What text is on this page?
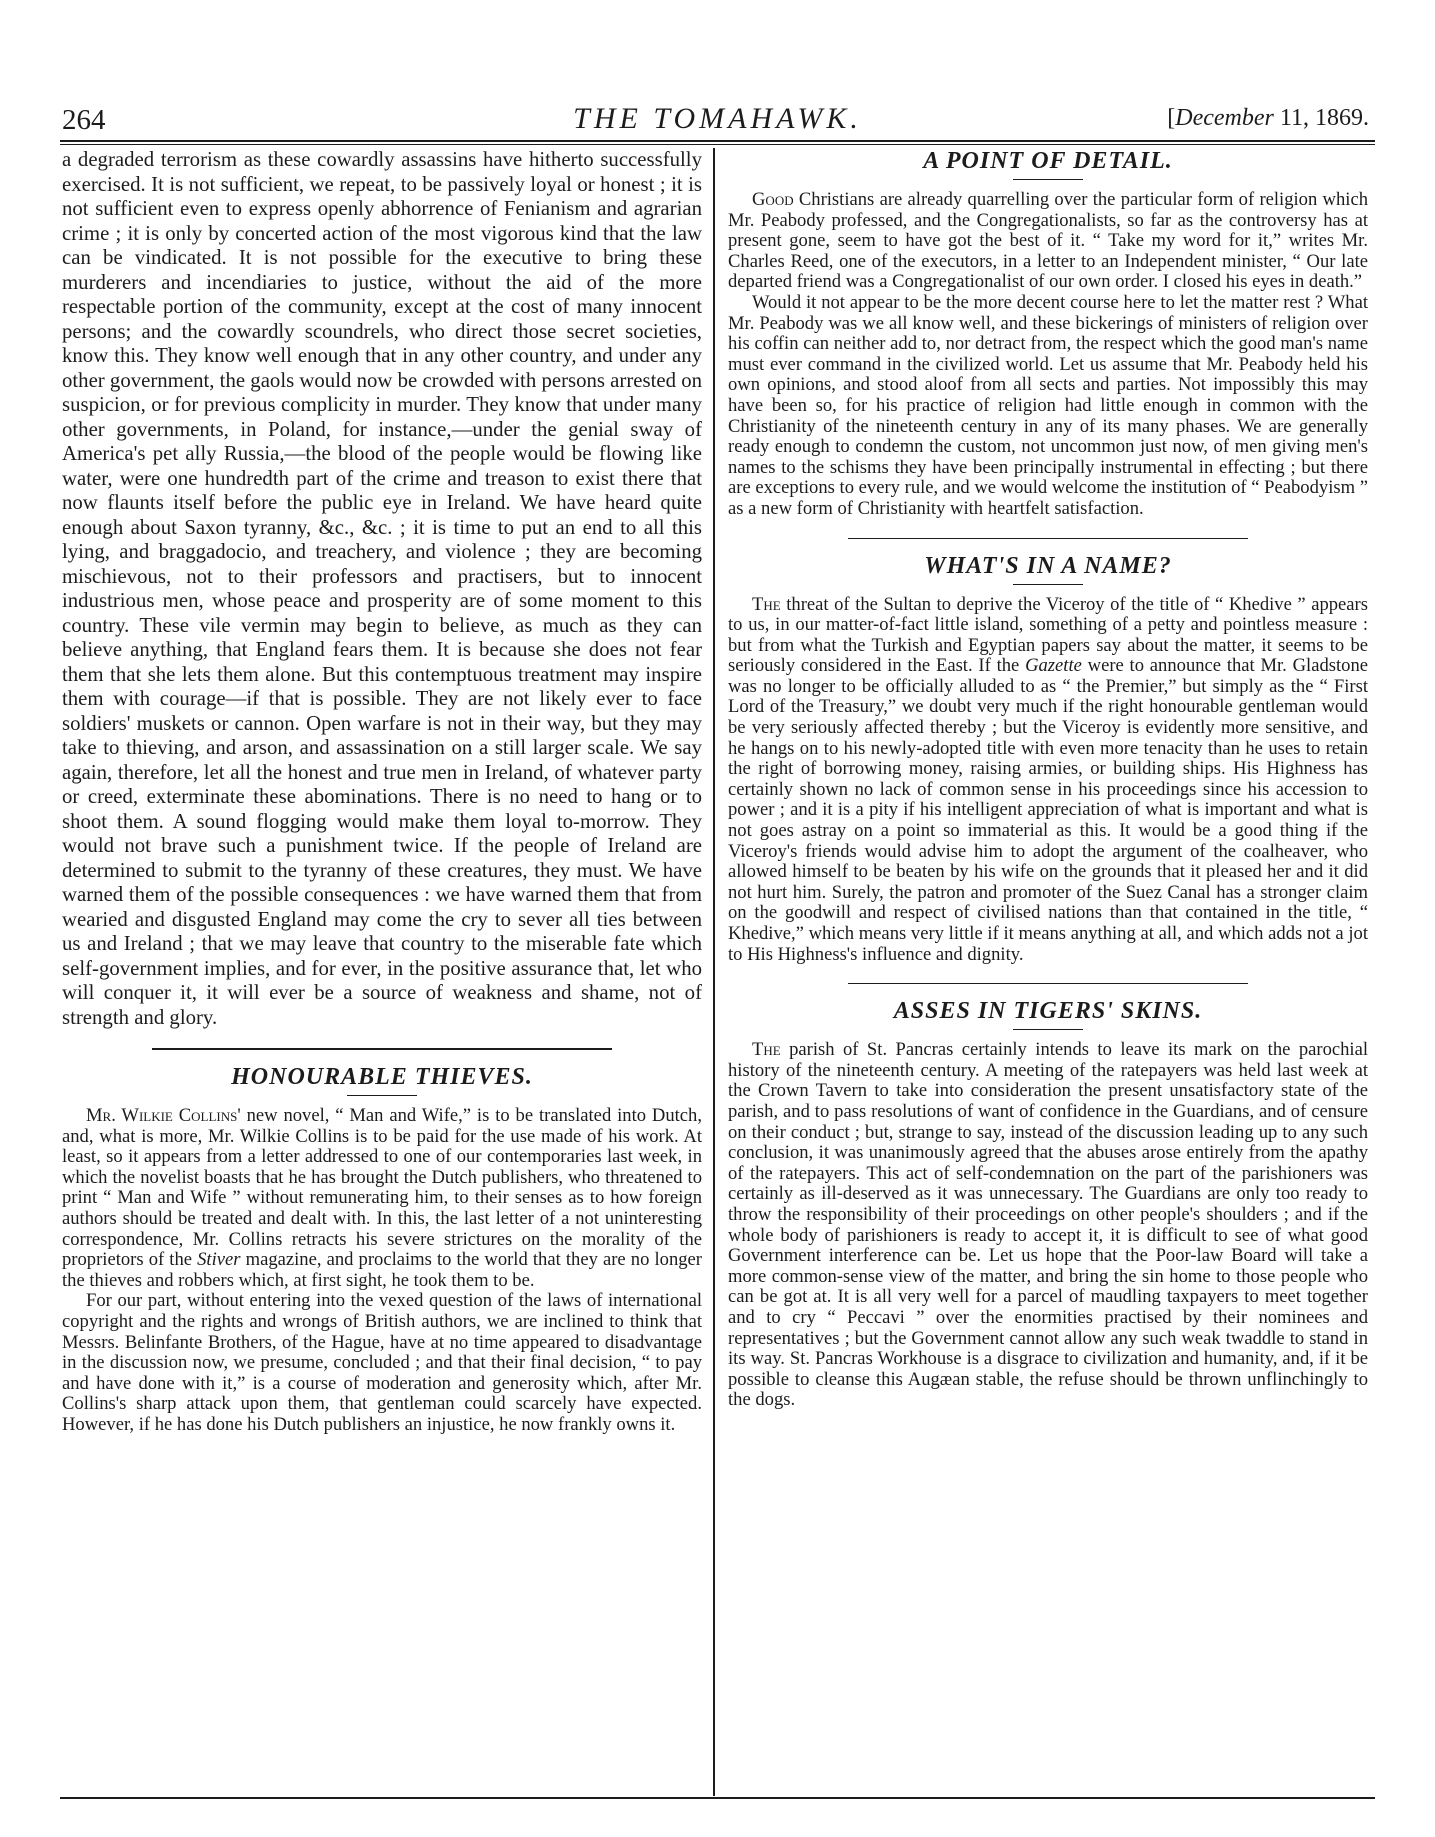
264	THE TOMAHAWK.	[December 11, 1869.

a degraded terrorism as these cowardly assassins have hitherto successfully exercised. It is not sufficient, we repeat, to be passively loyal or honest ; it is not sufficient even to express openly abhorrence of Fenianism and agrarian crime ; it is only by concerted action of the most vigorous kind that the law can be vindicated. It is not possible for the executive to bring these murderers and incendiaries to justice, without the aid of the more respectable portion of the community, except at the cost of many innocent persons; and the cowardly scoundrels, who direct those secret societies, know this. They know well enough that in any other country, and under any other government, the gaols would now be crowded with persons arrested on suspicion, or for previous complicity in murder. They know that under many other governments, in Poland, for instance,—under the genial sway of America's pet ally Russia,—the blood of the people would be flowing like water, were one hundredth part of the crime and treason to exist there that now flaunts itself before the public eye in Ireland. We have heard quite enough about Saxon tyranny, &c., &c. ; it is time to put an end to all this lying, and braggadocio, and treachery, and violence ; they are becoming mischievous, not to their professors and practisers, but to innocent industrious men, whose peace and prosperity are of some moment to this country. These vile vermin may begin to believe, as much as they can believe anything, that England fears them. It is because she does not fear them that she lets them alone. But this contemptuous treatment may inspire them with courage—if that is possible. They are not likely ever to face soldiers' muskets or cannon. Open warfare is not in their way, but they may take to thieving, and arson, and assassination on a still larger scale. We say again, therefore, let all the honest and true men in Ireland, of whatever party or creed, exterminate these abominations. There is no need to hang or to shoot them. A sound flogging would make them loyal to-morrow. They would not brave such a punishment twice. If the people of Ireland are determined to submit to the tyranny of these creatures, they must. We have warned them of the possible consequences : we have warned them that from wearied and disgusted England may come the cry to sever all ties between us and Ireland ; that we may leave that country to the miserable fate which self-government implies, and for ever, in the positive assurance that, let who will conquer it, it will ever be a source of weakness and shame, not of strength and glory.

HONOURABLE THIEVES.

Mr. Wilkie Collins' new novel, “ Man and Wife,” is to be translated into Dutch, and, what is more, Mr. Wilkie Collins is to be paid for the use made of his work. At least, so it appears from a letter addressed to one of our contemporaries last week, in which the novelist boasts that he has brought the Dutch publishers, who threatened to print “ Man and Wife ” without remunerating him, to their senses as to how foreign authors should be treated and dealt with. In this, the last letter of a not uninteresting correspondence, Mr. Collins retracts his severe strictures on the morality of the proprietors of the Stiver magazine, and proclaims to the world that they are no longer the thieves and robbers which, at first sight, he took them to be.

For our part, without entering into the vexed question of the laws of international copyright and the rights and wrongs of British authors, we are inclined to think that Messrs. Belinfante Brothers, of the Hague, have at no time appeared to disadvantage in the discussion now, we presume, concluded ; and that their final decision, “ to pay and have done with it,” is a course of moderation and generosity which, after Mr. Collins's sharp attack upon them, that gentleman could scarcely have expected. However, if he has done his Dutch publishers an injustice, he now frankly owns it.

A POINT OF DETAIL.

Good Christians are already quarrelling over the particular form of religion which Mr. Peabody professed, and the Congregationalists, so far as the controversy has at present gone, seem to have got the best of it. “ Take my word for it,” writes Mr. Charles Reed, one of the executors, in a letter to an Independent minister, “ Our late departed friend was a Congregationalist of our own order. I closed his eyes in death.”

Would it not appear to be the more decent course here to let the matter rest ? What Mr. Peabody was we all know well, and these bickerings of ministers of religion over his coffin can neither add to, nor detract from, the respect which the good man's name must ever command in the civilized world. Let us assume that Mr. Peabody held his own opinions, and stood aloof from all sects and parties. Not impossibly this may have been so, for his practice of religion had little enough in common with the Christianity of the nineteenth century in any of its many phases. We are generally ready enough to condemn the custom, not uncommon just now, of men giving men's names to the schisms they have been principally instrumental in effecting ; but there are exceptions to every rule, and we would welcome the institution of “ Peabodyism ” as a new form of Christianity with heartfelt satisfaction.

WHAT'S IN A NAME?

The threat of the Sultan to deprive the Viceroy of the title of “ Khedive ” appears to us, in our matter-of-fact little island, something of a petty and pointless measure : but from what the Turkish and Egyptian papers say about the matter, it seems to be seriously considered in the East. If the Gazette were to announce that Mr. Gladstone was no longer to be officially alluded to as “ the Premier,” but simply as the “ First Lord of the Treasury,” we doubt very much if the right honourable gentleman would be very seriously affected thereby ; but the Viceroy is evidently more sensitive, and he hangs on to his newly-adopted title with even more tenacity than he uses to retain the right of borrowing money, raising armies, or building ships. His Highness has certainly shown no lack of common sense in his proceedings since his accession to power ; and it is a pity if his intelligent appreciation of what is important and what is not goes astray on a point so immaterial as this. It would be a good thing if the Viceroy's friends would advise him to adopt the argument of the coalheaver, who allowed himself to be beaten by his wife on the grounds that it pleased her and it did not hurt him. Surely, the patron and promoter of the Suez Canal has a stronger claim on the goodwill and respect of civilised nations than that contained in the title, “ Khedive,” which means very little if it means anything at all, and which adds not a jot to His Highness's influence and dignity.

ASSES IN TIGERS' SKINS.

The parish of St. Pancras certainly intends to leave its mark on the parochial history of the nineteenth century. A meeting of the ratepayers was held last week at the Crown Tavern to take into consideration the present unsatisfactory state of the parish, and to pass resolutions of want of confidence in the Guardians, and of censure on their conduct ; but, strange to say, instead of the discussion leading up to any such conclusion, it was unanimously agreed that the abuses arose entirely from the apathy of the ratepayers. This act of self-condemnation on the part of the parishioners was certainly as ill-deserved as it was unnecessary. The Guardians are only too ready to throw the responsibility of their proceedings on other people's shoulders ; and if the whole body of parishioners is ready to accept it, it is difficult to see of what good Government interference can be. Let us hope that the Poor-law Board will take a more common-sense view of the matter, and bring the sin home to those people who can be got at. It is all very well for a parcel of maudling taxpayers to meet together and to cry “ Peccavi ” over the enormities practised by their nominees and representatives ; but the Government cannot allow any such weak twaddle to stand in its way. St. Pancras Workhouse is a disgrace to civilization and humanity, and, if it be possible to cleanse this Augæan stable, the refuse should be thrown unflinchingly to the dogs.
